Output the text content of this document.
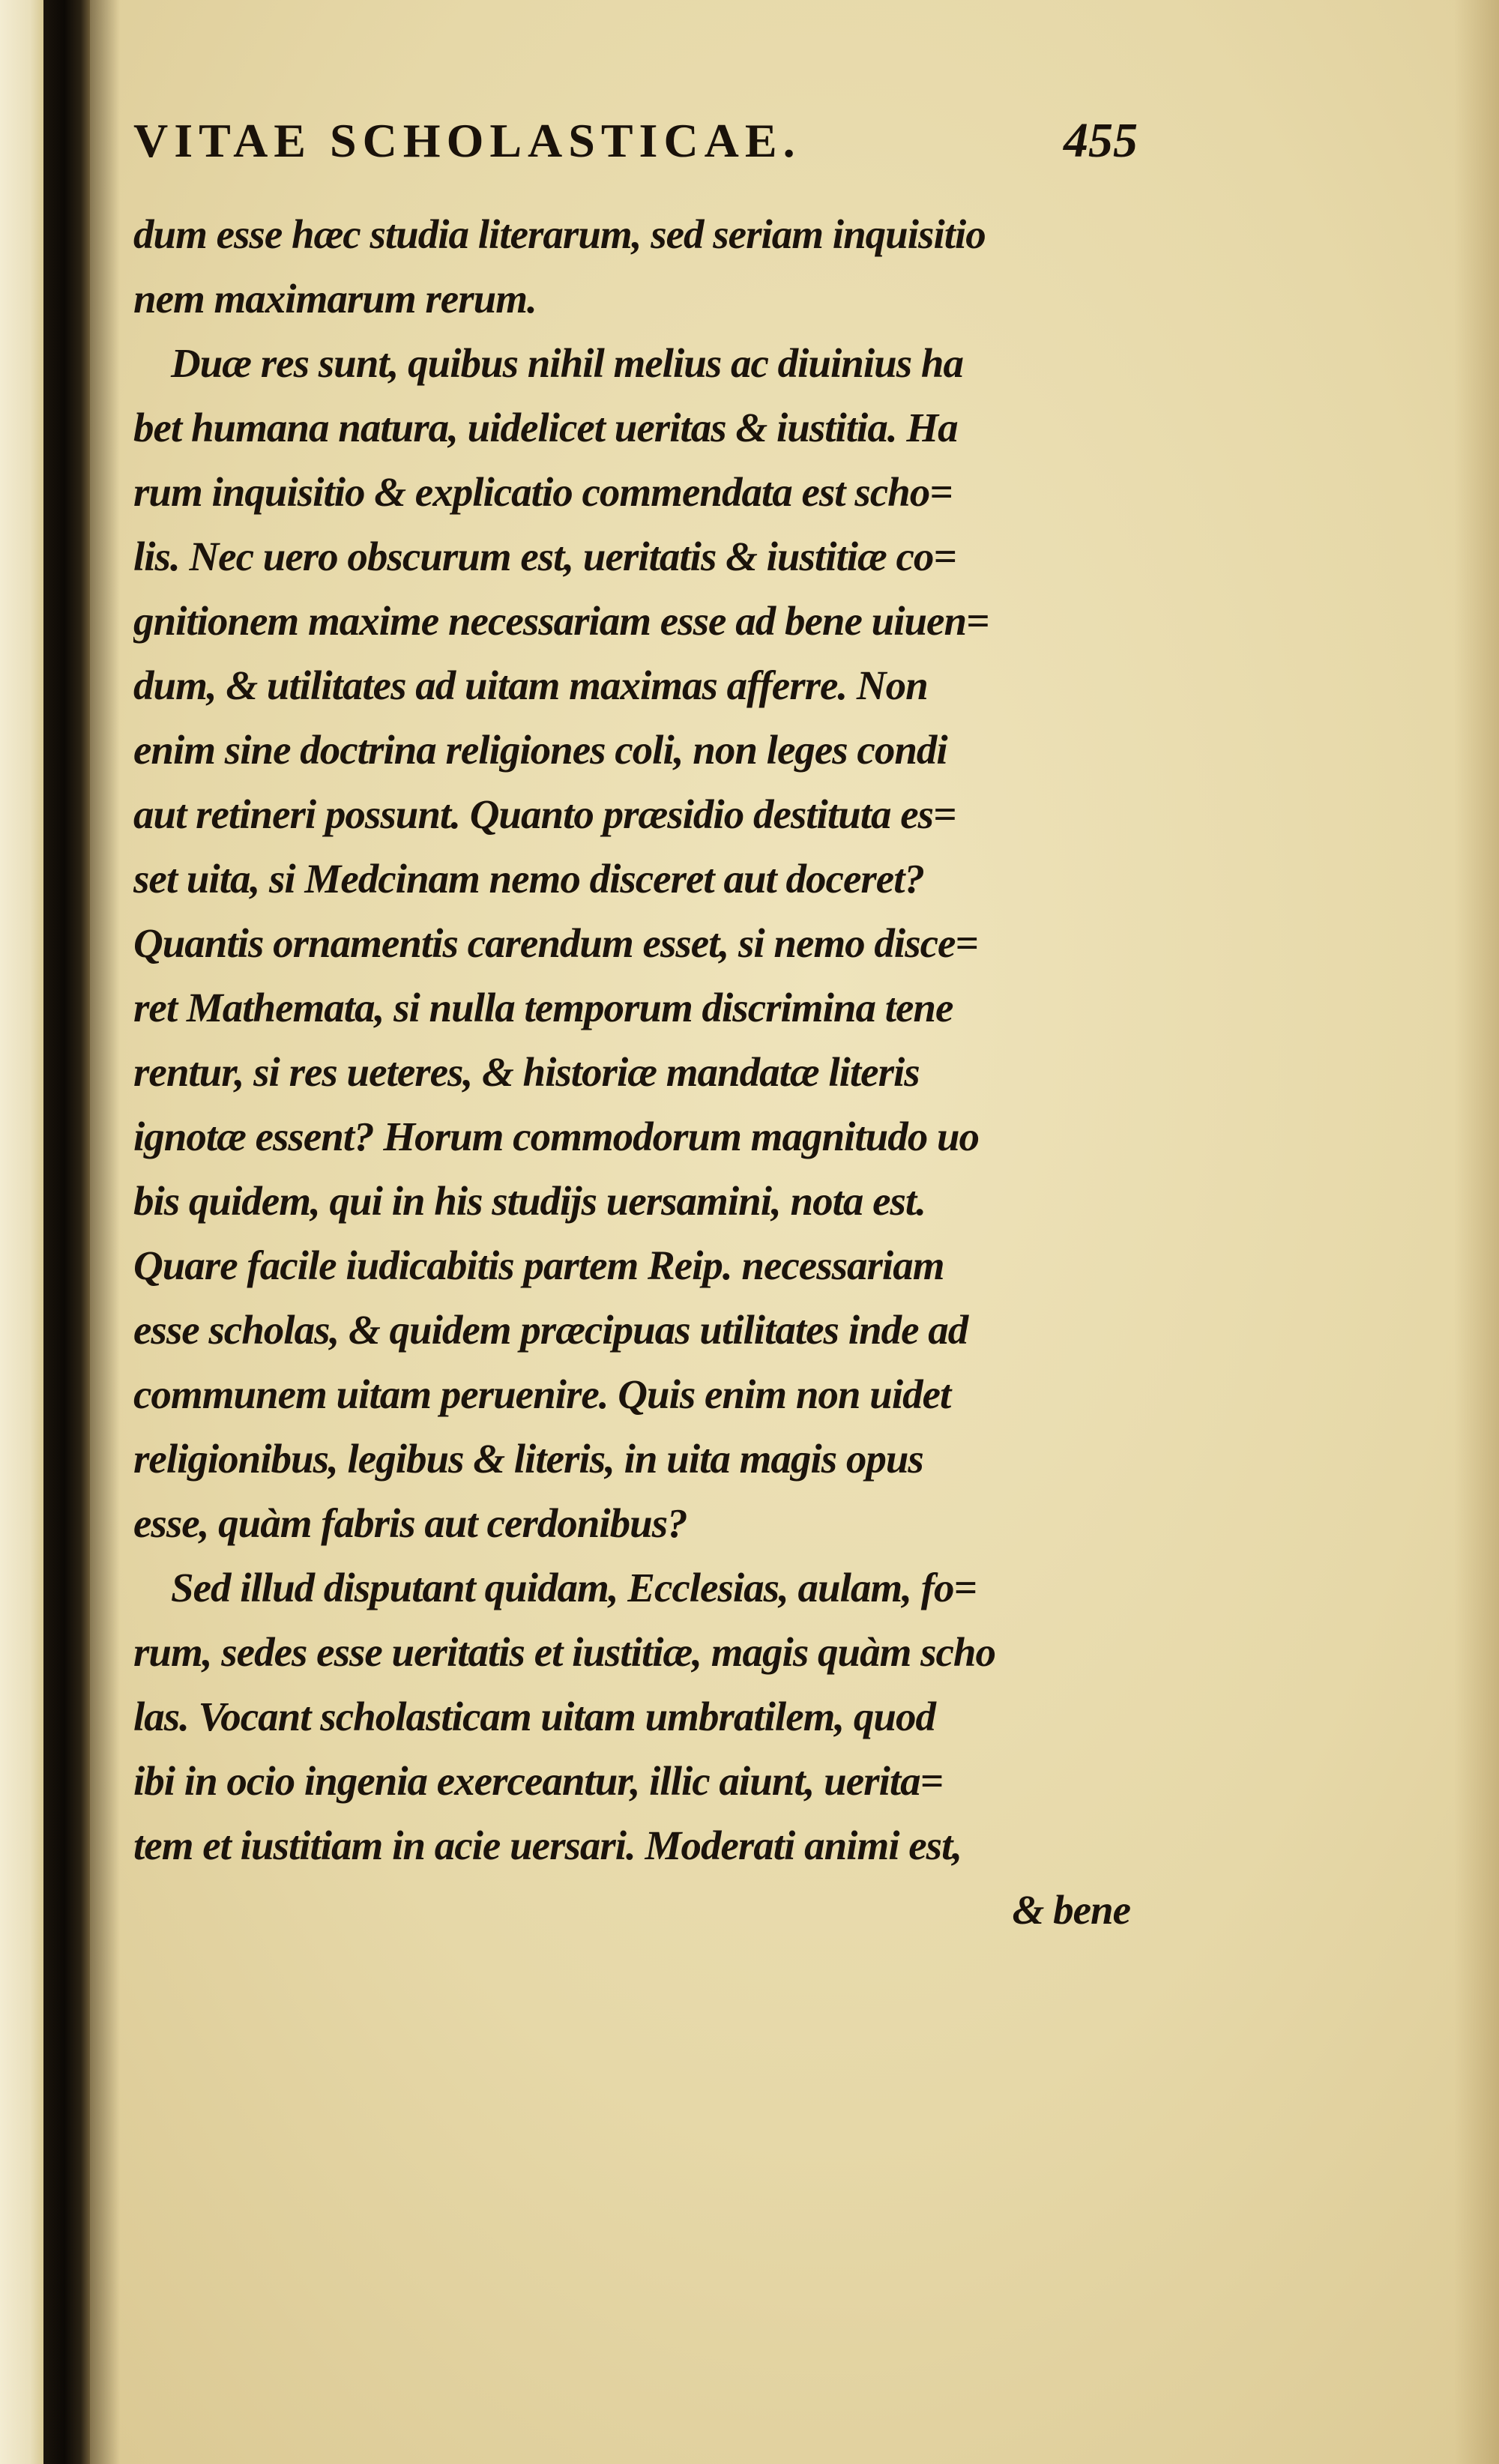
VITAE SCHOLASTICAE.	455
dum esse hæc studia literarum, sed seriam inquisitio
nem maximarum rerum.
Duæ res sunt, quibus nihil melius ac diuinius ha
bet humana natura, uidelicet ueritas & iustitia. Ha
rum inquisitio & explicatio commendata est scho=
lis. Nec uero obscurum est, ueritatis & iustitiæ co=
gnitionem maxime necessariam esse ad bene uiuen=
dum, & utilitates ad uitam maximas afferre. Non
enim sine doctrina religiones coli, non leges condi
aut retineri possunt. Quanto præsidio destituta es=
set uita, si Medcinam nemo disceret aut doceret?
Quantis ornamentis carendum esset, si nemo disce=
ret Mathemata, si nulla temporum discrimina tene
rentur, si res ueteres, & historiæ mandatæ literis
ignotæ essent? Horum commodorum magnitudo uo
bis quidem, qui in his studijs uersamini, nota est.
Quare facile iudicabitis partem Reip. necessariam
esse scholas, & quidem præcipuas utilitates inde ad
communem uitam peruenire. Quis enim non uidet
religionibus, legibus & literis, in uita magis opus
esse, quàm fabris aut cerdonibus?
Sed illud disputant quidam, Ecclesias, aulam, fo=
rum, sedes esse ueritatis et iustitiæ, magis quàm scho
las. Vocant scholasticam uitam umbratilem, quod
ibi in ocio ingenia exerceantur, illic aiunt, uerita=
tem et iustitiam in acie uersari. Moderati animi est,
& bene
